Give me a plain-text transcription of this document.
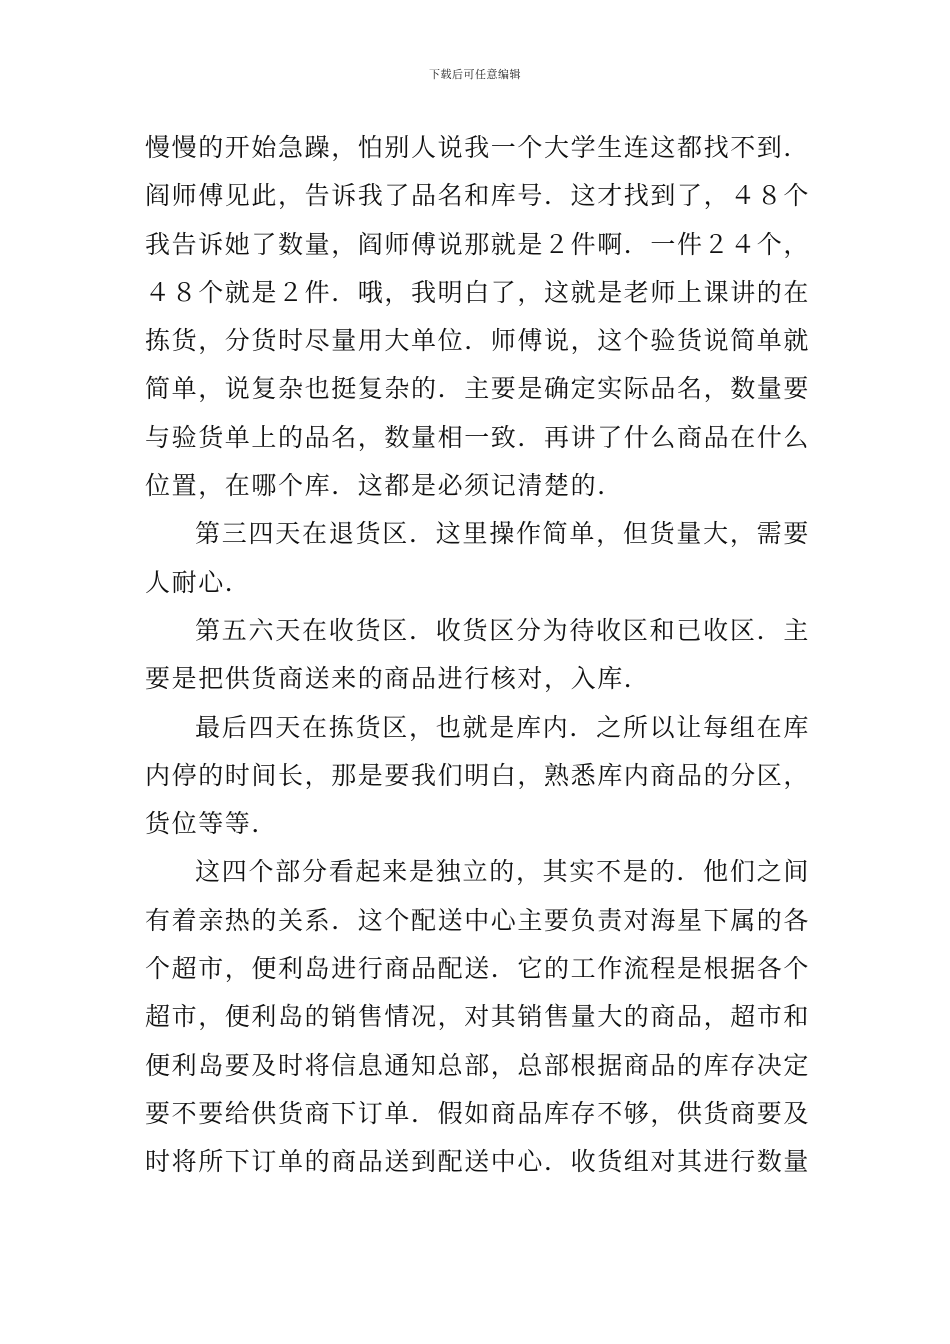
下载后可任意编辑

慢慢的开始急躁，怕别人说我一个大学生连这都找不到．阎师傅见此，告诉我了品名和库号．这才找到了，４８个我告诉她了数量，阎师傅说那就是２件啊．一件２４个，４８个就是２件．哦，我明白了，这就是老师上课讲的在拣货，分货时尽量用大单位．师傅说，这个验货说简单就简单，说复杂也挺复杂的．主要是确定实际品名，数量要与验货单上的品名，数量相一致．再讲了什么商品在什么位置，在哪个库．这都是必须记清楚的．

第三四天在退货区．这里操作简单，但货量大，需要人耐心．

第五六天在收货区．收货区分为待收区和已收区．主要是把供货商送来的商品进行核对，入库．

最后四天在拣货区，也就是库内．之所以让每组在库内停的时间长，那是要我们明白，熟悉库内商品的分区，货位等等．

这四个部分看起来是独立的，其实不是的．他们之间有着亲热的关系．这个配送中心主要负责对海星下属的各个超市，便利岛进行商品配送．它的工作流程是根据各个超市，便利岛的销售情况，对其销售量大的商品，超市和便利岛要及时将信息通知总部，总部根据商品的库存决定要不要给供货商下订单．假如商品库存不够，供货商要及时将所下订单的商品送到配送中心．收货组对其进行数量
